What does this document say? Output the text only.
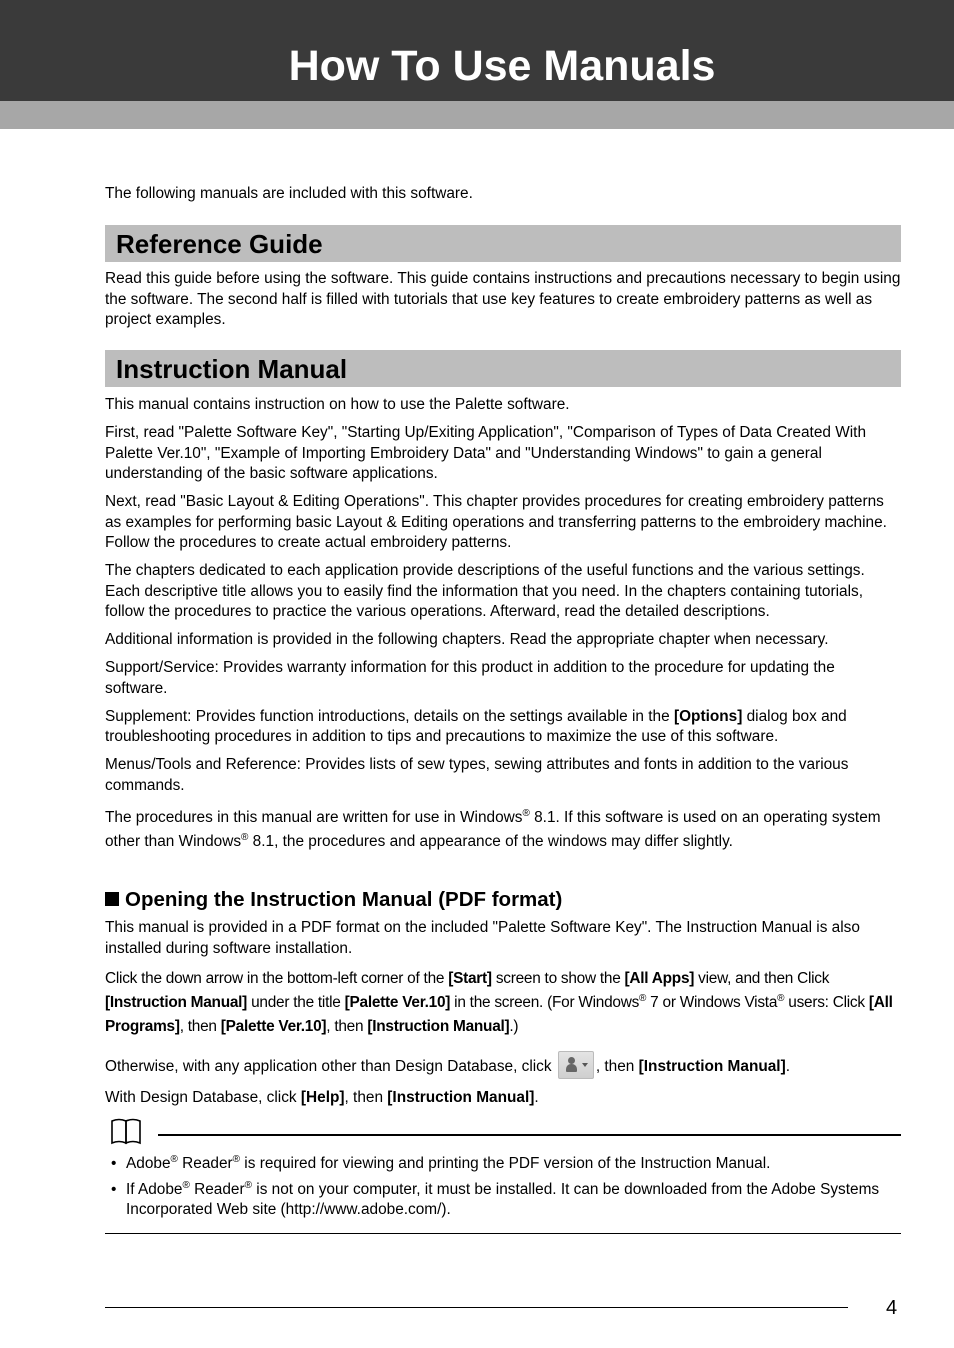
How To Use Manuals

The following manuals are included with this software.

Reference Guide

Read this guide before using the software. This guide contains instructions and precautions necessary to begin using the software. The second half is filled with tutorials that use key features to create embroidery patterns as well as project examples.

Instruction Manual

This manual contains instruction on how to use the Palette software.

First, read "Palette Software Key", "Starting Up/Exiting Application", "Comparison of Types of Data Created With Palette Ver.10", "Example of Importing Embroidery Data" and "Understanding Windows" to gain a general understanding of the basic software applications.

Next, read "Basic Layout & Editing Operations". This chapter provides procedures for creating embroidery patterns as examples for performing basic Layout & Editing operations and transferring patterns to the embroidery machine. Follow the procedures to create actual embroidery patterns.

The chapters dedicated to each application provide descriptions of the useful functions and the various settings. Each descriptive title allows you to easily find the information that you need. In the chapters containing tutorials, follow the procedures to practice the various operations. Afterward, read the detailed descriptions.

Additional information is provided in the following chapters. Read the appropriate chapter when necessary.

Support/Service: Provides warranty information for this product in addition to the procedure for updating the software.

Supplement: Provides function introductions, details on the settings available in the [Options] dialog box and troubleshooting procedures in addition to tips and precautions to maximize the use of this software.

Menus/Tools and Reference: Provides lists of sew types, sewing attributes and fonts in addition to the various commands.

The procedures in this manual are written for use in Windows® 8.1. If this software is used on an operating system other than Windows® 8.1, the procedures and appearance of the windows may differ slightly.

Opening the Instruction Manual (PDF format)

This manual is provided in a PDF format on the included "Palette Software Key". The Instruction Manual is also installed during software installation.

Click the down arrow in the bottom-left corner of the [Start] screen to show the [All Apps] view, and then Click [Instruction Manual] under the title [Palette Ver.10] in the screen. (For Windows® 7 or Windows Vista® users: Click [All Programs], then [Palette Ver.10], then [Instruction Manual].)

Otherwise, with any application other than Design Database, click	, then [Instruction Manual].

With Design Database, click [Help], then [Instruction Manual].

• Adobe® Reader® is required for viewing and printing the PDF version of the Instruction Manual.
• If Adobe® Reader® is not on your computer, it must be installed. It can be downloaded from the Adobe Systems Incorporated Web site (http://www.adobe.com/).
4
